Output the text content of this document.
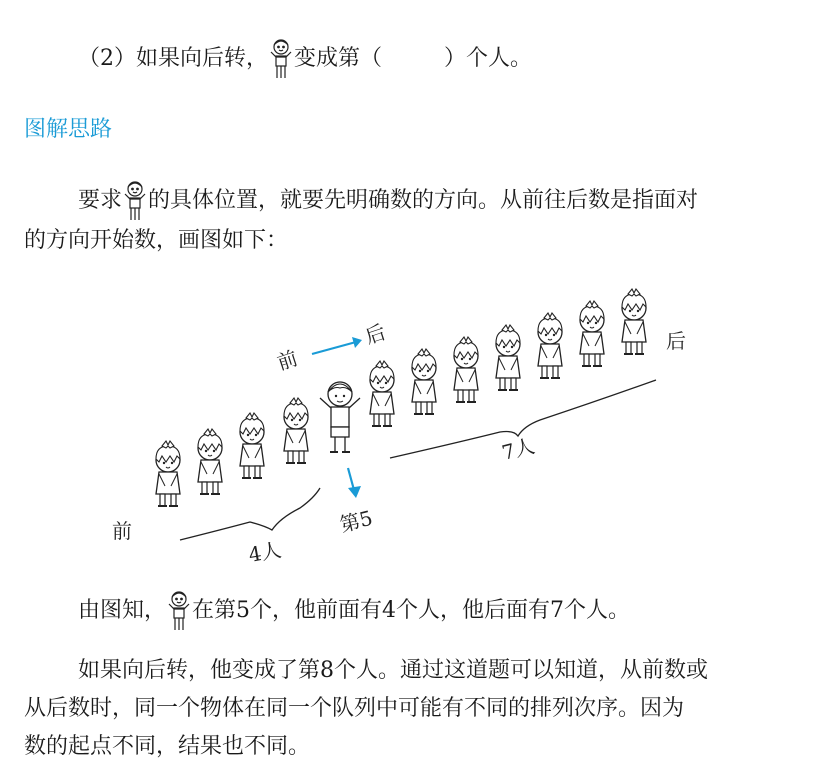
（2）如果向后转， 变成第（	）个人。
图解思路
要求 的具体位置，就要先明确数的方向。从前往后数是指面对
的方向开始数，画图如下：
前
后	后
前
4人
7人
第5
由图知， 在第5个，他前面有4个人，他后面有7个人。
如果向后转，他变成了第8个人。通过这道题可以知道，从前数或
从后数时，同一个物体在同一个队列中可能有不同的排列次序。因为
数的起点不同，结果也不同。
